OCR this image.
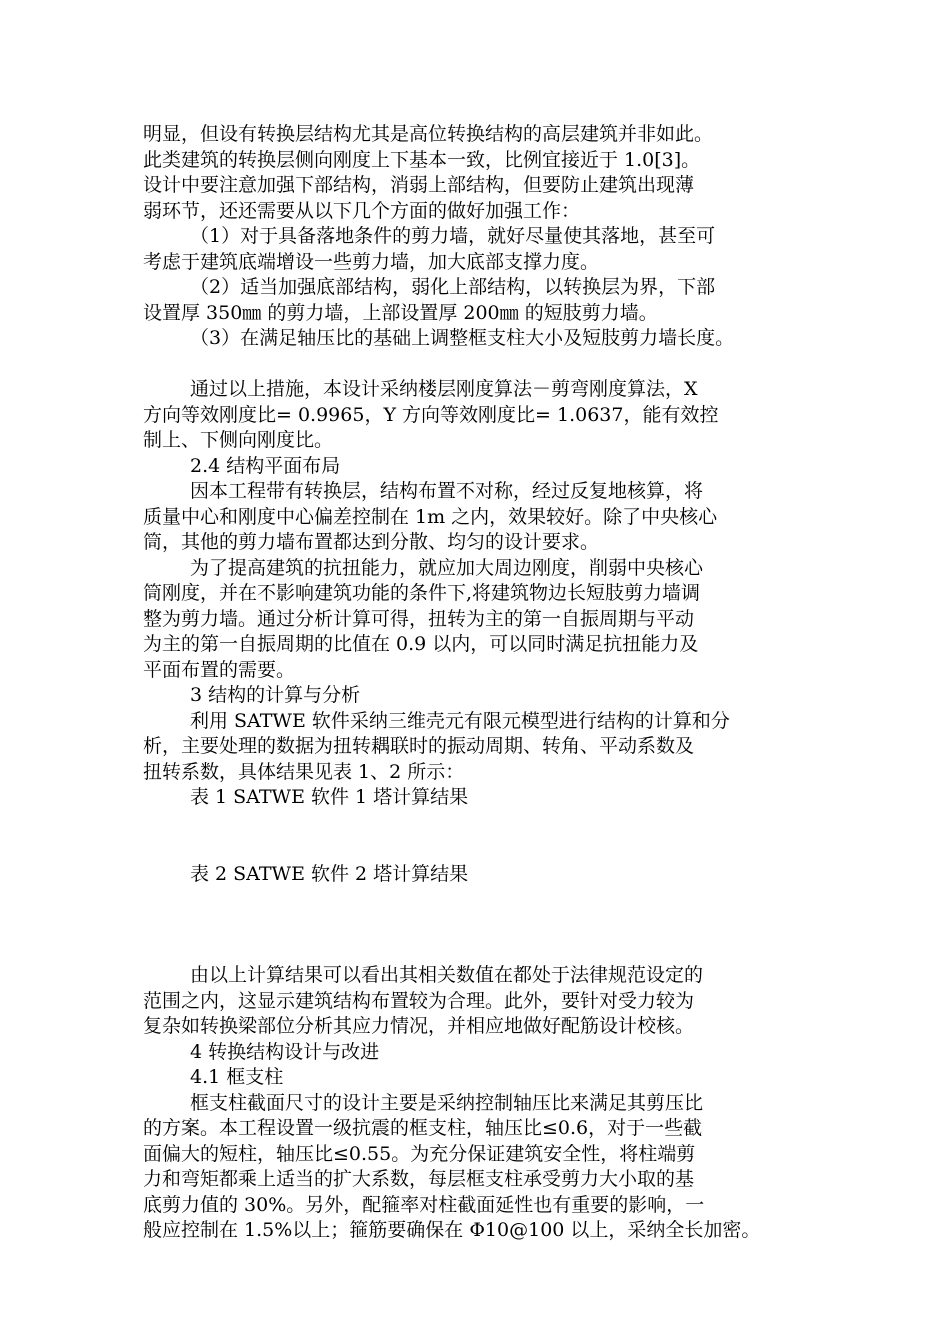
明显，但设有转换层结构尤其是高位转换结构的高层建筑并非如此。
此类建筑的转换层侧向刚度上下基本一致，比例宜接近于 1.0[3]。
设计中要注意加强下部结构，消弱上部结构，但要防止建筑出现薄
弱环节，还还需要从以下几个方面的做好加强工作：
（1）对于具备落地条件的剪力墙，就好尽量使其落地，甚至可
考虑于建筑底端增设一些剪力墙，加大底部支撑力度。
（2）适当加强底部结构，弱化上部结构，以转换层为界，下部
设置厚 350㎜ 的剪力墙，上部设置厚 200㎜ 的短肢剪力墙。
（3）在满足轴压比的基础上调整框支柱大小及短肢剪力墙长度。
通过以上措施，本设计采纳楼层刚度算法－剪弯刚度算法，X
方向等效刚度比= 0.9965，Y 方向等效刚度比= 1.0637，能有效控
制上、下侧向刚度比。
2.4 结构平面布局
因本工程带有转换层，结构布置不对称，经过反复地核算，将
质量中心和刚度中心偏差控制在 1m 之内，效果较好。除了中央核心
筒，其他的剪力墙布置都达到分散、均匀的设计要求。
为了提高建筑的抗扭能力，就应加大周边刚度，削弱中央核心
筒刚度，并在不影响建筑功能的条件下,将建筑物边长短肢剪力墙调
整为剪力墙。通过分析计算可得，扭转为主的第一自振周期与平动
为主的第一自振周期的比值在 0.9 以内，可以同时满足抗扭能力及
平面布置的需要。
3 结构的计算与分析
利用 SATWE 软件采纳三维壳元有限元模型进行结构的计算和分
析，主要处理的数据为扭转耦联时的振动周期、转角、平动系数及
扭转系数，具体结果见表 1、2 所示：
表 1 SATWE 软件 1 塔计算结果
表 2 SATWE 软件 2 塔计算结果
由以上计算结果可以看出其相关数值在都处于法律规范设定的
范围之内，这显示建筑结构布置较为合理。此外，要针对受力较为
复杂如转换梁部位分析其应力情况，并相应地做好配筋设计校核。
4 转换结构设计与改进
4.1 框支柱
框支柱截面尺寸的设计主要是采纳控制轴压比来满足其剪压比
的方案。本工程设置一级抗震的框支柱，轴压比≤0.6，对于一些截
面偏大的短柱，轴压比≤0.55。为充分保证建筑安全性，将柱端剪
力和弯矩都乘上适当的扩大系数，每层框支柱承受剪力大小取的基
底剪力值的 30%。另外，配箍率对柱截面延性也有重要的影响，一
般应控制在 1.5%以上；箍筋要确保在 Φ10@100 以上，采纳全长加密。
